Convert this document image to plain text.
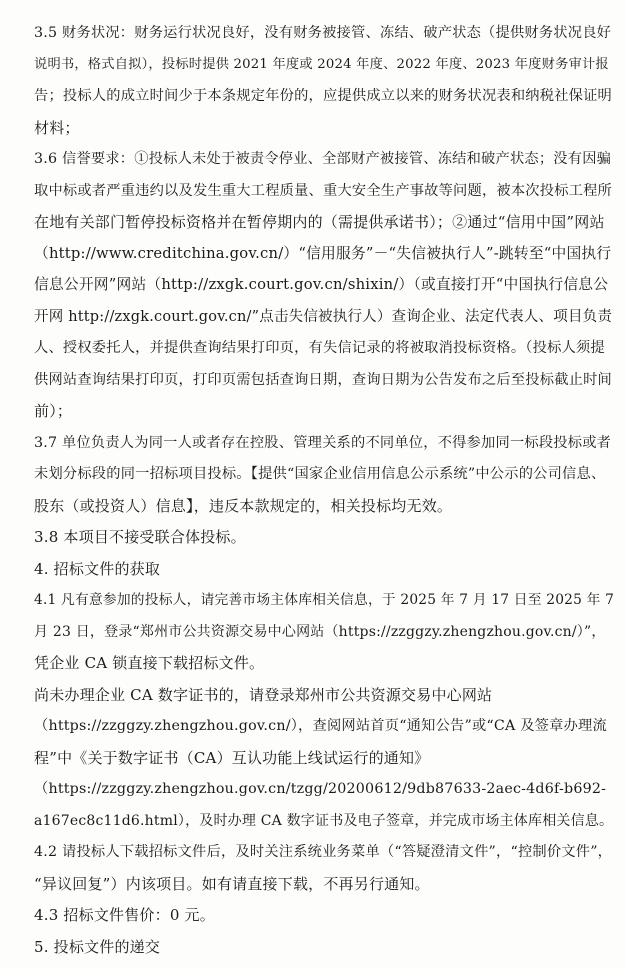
3.5 财务状况：财务运行状况良好，没有财务被接管、冻结、破产状态（提供财务状况良好
说明书，格式自拟），投标时提供 2021 年度或 2024 年度、2022 年度、2023 年度财务审计报
告；投标人的成立时间少于本条规定年份的，应提供成立以来的财务状况表和纳税社保证明
材料；
3.6 信誉要求：①投标人未处于被责令停业、全部财产被接管、冻结和破产状态；没有因骗
取中标或者严重违约以及发生重大工程质量、重大安全生产事故等问题，被本次投标工程所
在地有关部门暂停投标资格并在暂停期内的（需提供承诺书）；②通过“信用中国”网站
（http://www.creditchina.gov.cn/）“信用服务”－“失信被执行人”-跳转至“中国执行
信息公开网”网站（http://zxgk.court.gov.cn/shixin/）（或直接打开“中国执行信息公
开网 http://zxgk.court.gov.cn/”点击失信被执行人）查询企业、法定代表人、项目负责
人、授权委托人，并提供查询结果打印页，有失信记录的将被取消投标资格。（投标人须提
供网站查询结果打印页，打印页需包括查询日期，查询日期为公告发布之后至投标截止时间
前）；
3.7 单位负责人为同一人或者存在控股、管理关系的不同单位，不得参加同一标段投标或者
未划分标段的同一招标项目投标。【提供“国家企业信用信息公示系统”中公示的公司信息、
股东（或投资人）信息】，违反本款规定的，相关投标均无效。
3.8 本项目不接受联合体投标。
4. 招标文件的获取
4.1 凡有意参加的投标人，请完善市场主体库相关信息，于 2025 年 7 月 17 日至 2025 年 7
月 23 日，登录“郑州市公共资源交易中心网站（https://zzggzy.zhengzhou.gov.cn/）”，
凭企业 CA 锁直接下载招标文件。
尚未办理企业 CA 数字证书的，请登录郑州市公共资源交易中心网站
（https://zzggzy.zhengzhou.gov.cn/），查阅网站首页“通知公告”或“CA 及签章办理流
程”中《关于数字证书（CA）互认功能上线试运行的通知》
（https://zzggzy.zhengzhou.gov.cn/tzgg/20200612/9db87633-2aec-4d6f-b692-
a167ec8c11d6.html），及时办理 CA 数字证书及电子签章，并完成市场主体库相关信息。
4.2 请投标人下载招标文件后，及时关注系统业务菜单（“答疑澄清文件”，“控制价文件”，
“异议回复”）内该项目。如有请直接下载，不再另行通知。
4.3 招标文件售价：0 元。
5. 投标文件的递交
